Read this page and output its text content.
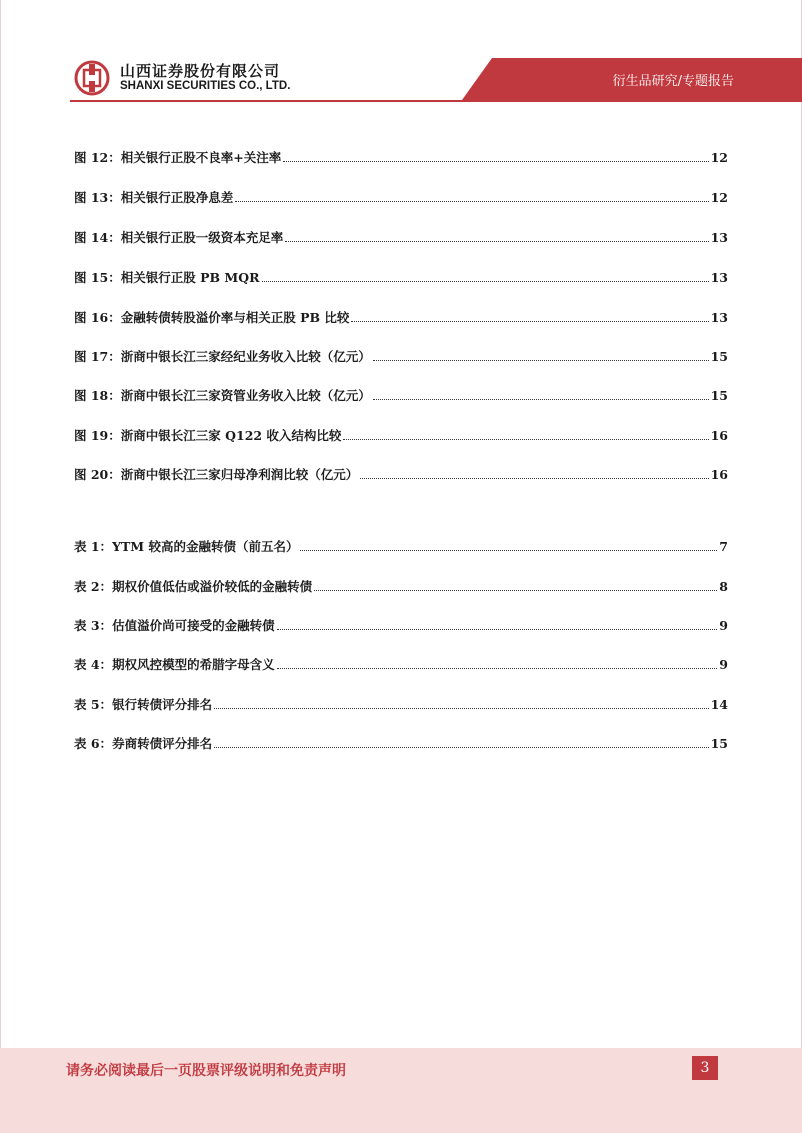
山西证券股份有限公司
SHANXI SECURITIES CO., LTD.	衍生品研究/专题报告
图 12： 相关银行正股不良率+关注率	12
图 13： 相关银行正股净息差	12
图 14： 相关银行正股一级资本充足率	13
图 15： 相关银行正股 PB MQR	13
图 16： 金融转债转股溢价率与相关正股 PB 比较	13
图 17： 浙商中银长江三家经纪业务收入比较（亿元）	15
图 18： 浙商中银长江三家资管业务收入比较（亿元）	15
图 19： 浙商中银长江三家 Q122 收入结构比较	16
图 20： 浙商中银长江三家归母净利润比较（亿元）	16
表 1： YTM 较高的金融转债（前五名）	7
表 2： 期权价值低估或溢价较低的金融转债	8
表 3： 估值溢价尚可接受的金融转债	9
表 4： 期权风控模型的希腊字母含义	9
表 5： 银行转债评分排名	14
表 6： 券商转债评分排名	15
请务必阅读最后一页股票评级说明和免责声明	3
